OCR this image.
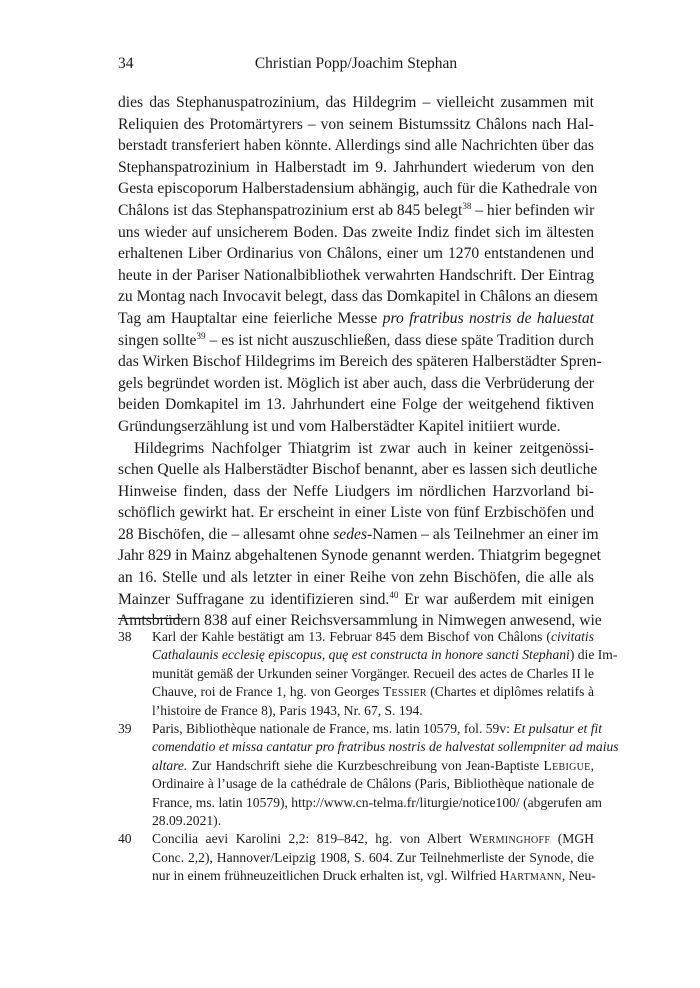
34	Christian Popp/Joachim Stephan

dies das Stephanuspatrozinium, das Hildegrim – vielleicht zusammen mit
Reliquien des Protomärtyrers – von seinem Bistumssitz Châlons nach Hal-
berstadt transferiert haben könnte. Allerdings sind alle Nachrichten über das
Stephanspatrozinium in Halberstadt im 9. Jahrhundert wiederum von den
Gesta episcoporum Halberstadensium abhängig, auch für die Kathedrale von
Châlons ist das Stephanspatrozinium erst ab 845 belegt$^{38}$ – hier befinden wir
uns wieder auf unsicherem Boden. Das zweite Indiz findet sich im ältesten
erhaltenen Liber Ordinarius von Châlons, einer um 1270 entstandenen und
heute in der Pariser Nationalbibliothek verwahrten Handschrift. Der Eintrag
zu Montag nach Invocavit belegt, dass das Domkapitel in Châlons an diesem
Tag am Hauptaltar eine feierliche Messe pro fratribus nostris de haluestat
singen sollte$^{39}$ – es ist nicht auszuschließen, dass diese späte Tradition durch
das Wirken Bischof Hildegrims im Bereich des späteren Halberstädter Spren-
gels begründet worden ist. Möglich ist aber auch, dass die Verbrüderung der
beiden Domkapitel im 13. Jahrhundert eine Folge der weitgehend fiktiven
Gründungserzählung ist und vom Halberstädter Kapitel initiiert wurde.

Hildegrims Nachfolger Thiatgrim ist zwar auch in keiner zeitgenössi-
schen Quelle als Halberstädter Bischof benannt, aber es lassen sich deutliche
Hinweise finden, dass der Neffe Liudgers im nördlichen Harzvorland bi-
schöflich gewirkt hat. Er erscheint in einer Liste von fünf Erzbischöfen und
28 Bischöfen, die – allesamt ohne sedes-Namen – als Teilnehmer an einer im
Jahr 829 in Mainz abgehaltenen Synode genannt werden. Thiatgrim begegnet
an 16. Stelle und als letzter in einer Reihe von zehn Bischöfen, die alle als
Mainzer Suffragane zu identifizieren sind.$^{40}$ Er war außerdem mit einigen
Amtsbrüdern 838 auf einer Reichsversammlung in Nimwegen anwesend, wie

38 Karl der Kahle bestätigt am 13. Februar 845 dem Bischof von Châlons (civitatis
Cathalaunis ecclesię episcopus, quę est constructa in honore sancti Stephani) die Im-
munität gemäß der Urkunden seiner Vorgänger. Recueil des actes de Charles II le
Chauve, roi de France 1, hg. von Georges Tessier (Chartes et diplômes relatifs à
l’histoire de France 8), Paris 1943, Nr. 67, S. 194.
39 Paris, Bibliothèque nationale de France, ms. latin 10579, fol. 59v: Et pulsatur et fit
comendatio et missa cantatur pro fratribus nostris de halvestat sollempniter ad maius
altare. Zur Handschrift siehe die Kurzbeschreibung von Jean-Baptiste Lebigue,
Ordinaire à l’usage de la cathédrale de Châlons (Paris, Bibliothèque nationale de
France, ms. latin 10579), http://www.cn-telma.fr/liturgie/notice100/ (abgerufen am
28.09.2021).
40 Concilia aevi Karolini 2,2: 819–842, hg. von Albert Werminghoff (MGH
Conc. 2,2), Hannover/Leipzig 1908, S. 604. Zur Teilnehmerliste der Synode, die
nur in einem frühneuzeitlichen Druck erhalten ist, vgl. Wilfried Hartmann, Neu-
